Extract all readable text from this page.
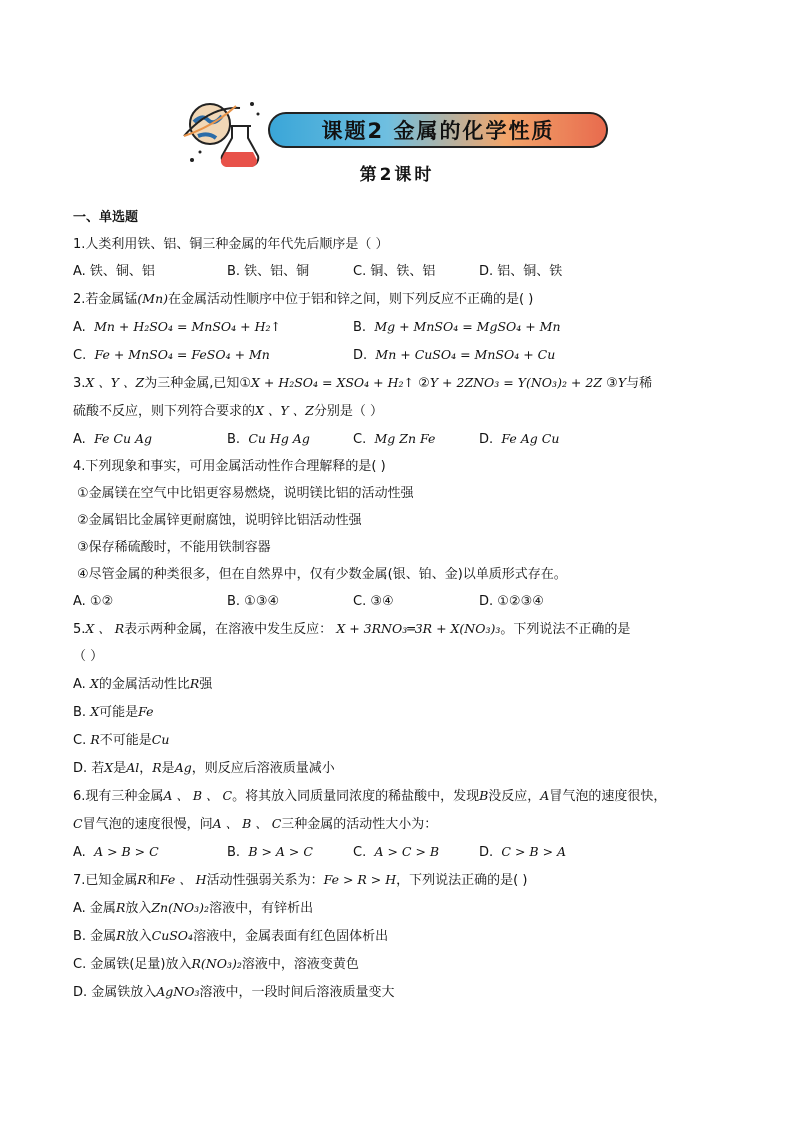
课题2 金属的化学性质
第2课时
一、单选题
1.人类利用铁、铝、铜三种金属的年代先后顺序是（ ）
A. 铁、铜、铝	B. 铁、铝、铜	C. 铜、铁、铝	D. 铝、铜、铁
2.若金属锰(Mn)在金属活动性顺序中位于铝和锌之间，则下列反应不正确的是( )
A. Mn + H₂SO₄ = MnSO₄ + H₂↑	B. Mg + MnSO₄ = MgSO₄ + Mn
C. Fe + MnSO₄ = FeSO₄ + Mn	D. Mn + CuSO₄ = MnSO₄ + Cu
3.X 、Y 、Z为三种金属,已知①X + H₂SO₄ = XSO₄ + H₂↑ ②Y + 2ZNO₃ = Y(NO₃)₂ + 2Z ③Y与稀
硫酸不反应，则下列符合要求的X 、Y 、Z分别是（ ）
A. Fe Cu Ag	B. Cu Hg Ag	C. Mg Zn Fe	D. Fe Ag Cu
4.下列现象和事实，可用金属活动性作合理解释的是( )
①金属镁在空气中比铝更容易燃烧，说明镁比铝的活动性强
②金属铝比金属锌更耐腐蚀，说明锌比铝活动性强
③保存稀硫酸时，不能用铁制容器
④尽管金属的种类很多，但在自然界中，仅有少数金属(银、铂、金)以单质形式存在。
A. ①②	B. ①③④	C. ③④	D. ①②③④
5.X 、 R表示两种金属，在溶液中发生反应： X + 3RNO₃═3R + X(NO₃)₃。下列说法不正确的是
（ ）
A. X的金属活动性比R强
B. X可能是Fe
C. R不可能是Cu
D. 若X是Al，R是Ag，则反应后溶液质量减小
6.现有三种金属A 、 B 、 C。将其放入同质量同浓度的稀盐酸中，发现B没反应，A冒气泡的速度很快，
C冒气泡的速度很慢，问A 、 B 、 C三种金属的活动性大小为：
A. A > B > C	B. B > A > C	C. A > C > B	D. C > B > A
7.已知金属R和Fe 、 H活动性强弱关系为：Fe > R > H，下列说法正确的是( )
A. 金属R放入Zn(NO₃)₂溶液中，有锌析出
B. 金属R放入CuSO₄溶液中，金属表面有红色固体析出
C. 金属铁(足量)放入R(NO₃)₂溶液中，溶液变黄色
D. 金属铁放入AgNO₃溶液中，一段时间后溶液质量变大
